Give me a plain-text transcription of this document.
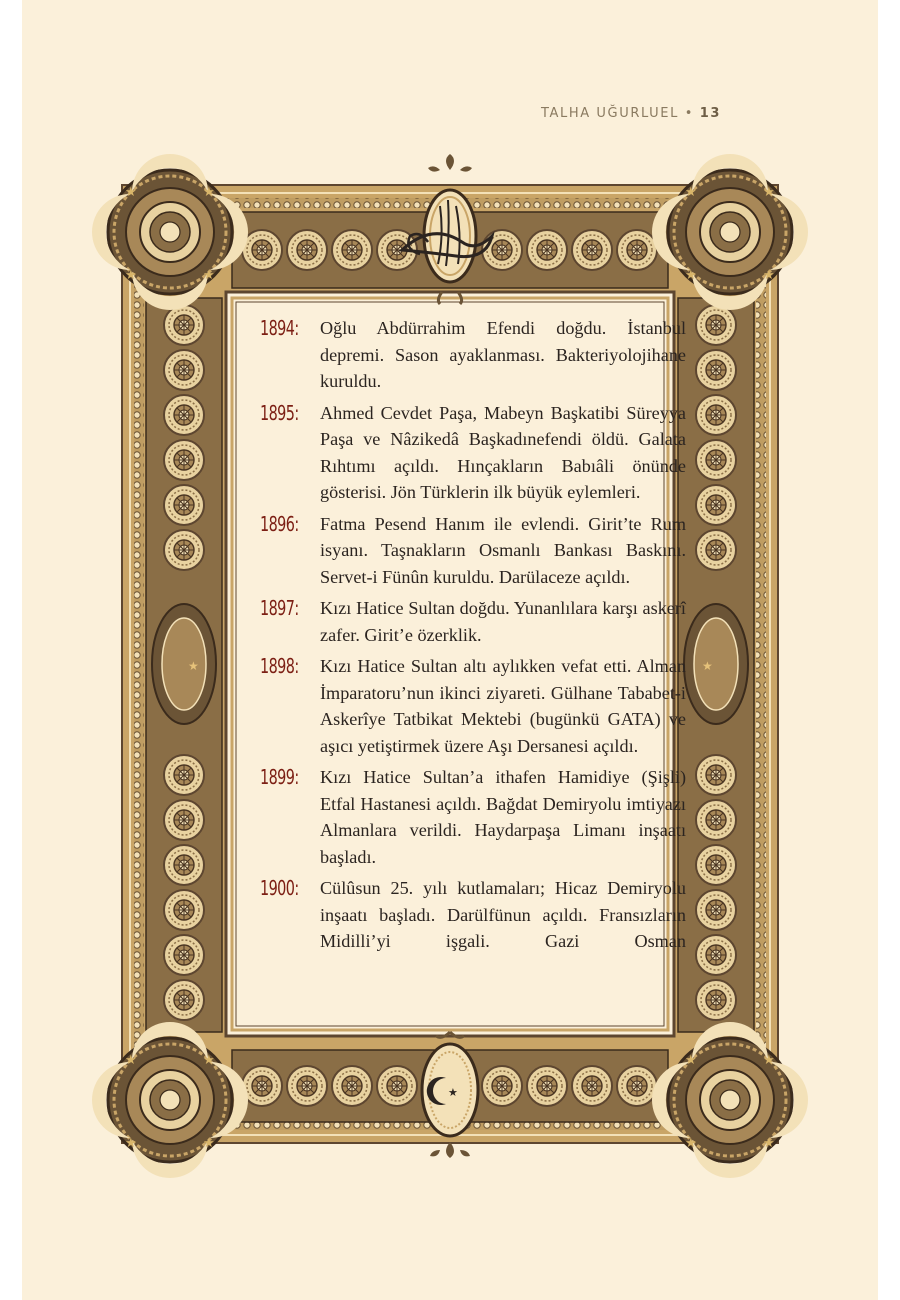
TALHA UĞURLUEL • 13
★
★	★
★
1894: Oğlu Abdürrahim Efendi doğdu. İstanbul depremi. Sason ayaklanması. Bakteriyolojihane kuruldu.
1895: Ahmed Cevdet Paşa, Mabeyn Başkatibi Süreyya Paşa ve Nâzikedâ Başkadınefendi öldü. Galata Rıhtımı açıldı. Hınçakların Babıâli önünde gösterisi. Jön Türklerin ilk büyük eylemleri.
1896: Fatma Pesend Hanım ile evlendi. Girit’te Rum isyanı. Taşnakların Osmanlı Bankası Baskını. Servet-i Fünûn kuruldu. Darülaceze açıldı.
1897: Kızı Hatice Sultan doğdu. Yunanlılara karşı askerî zafer. Girit’e özerklik.
1898: Kızı Hatice Sultan altı aylıkken vefat etti. Alman İmparatoru’nun ikinci ziyareti. Gülhane Tababet-i Askerîye Tatbikat Mektebi (bugünkü GATA) ve aşıcı yetiştirmek üzere Aşı Dersanesi açıldı.
1899: Kızı Hatice Sultan’a ithafen Hamidiye (Şişli) Etfal Hastanesi açıldı. Bağdat Demiryolu imtiyazı Almanlara verildi. Haydarpaşa Limanı inşaatı başladı.
1900: Cülûsun 25. yılı kutlamaları; Hicaz Demiryolu inşaatı başladı. Darülfünun açıldı. Fransızların Midilli’yi işgali. Gazi Osman
